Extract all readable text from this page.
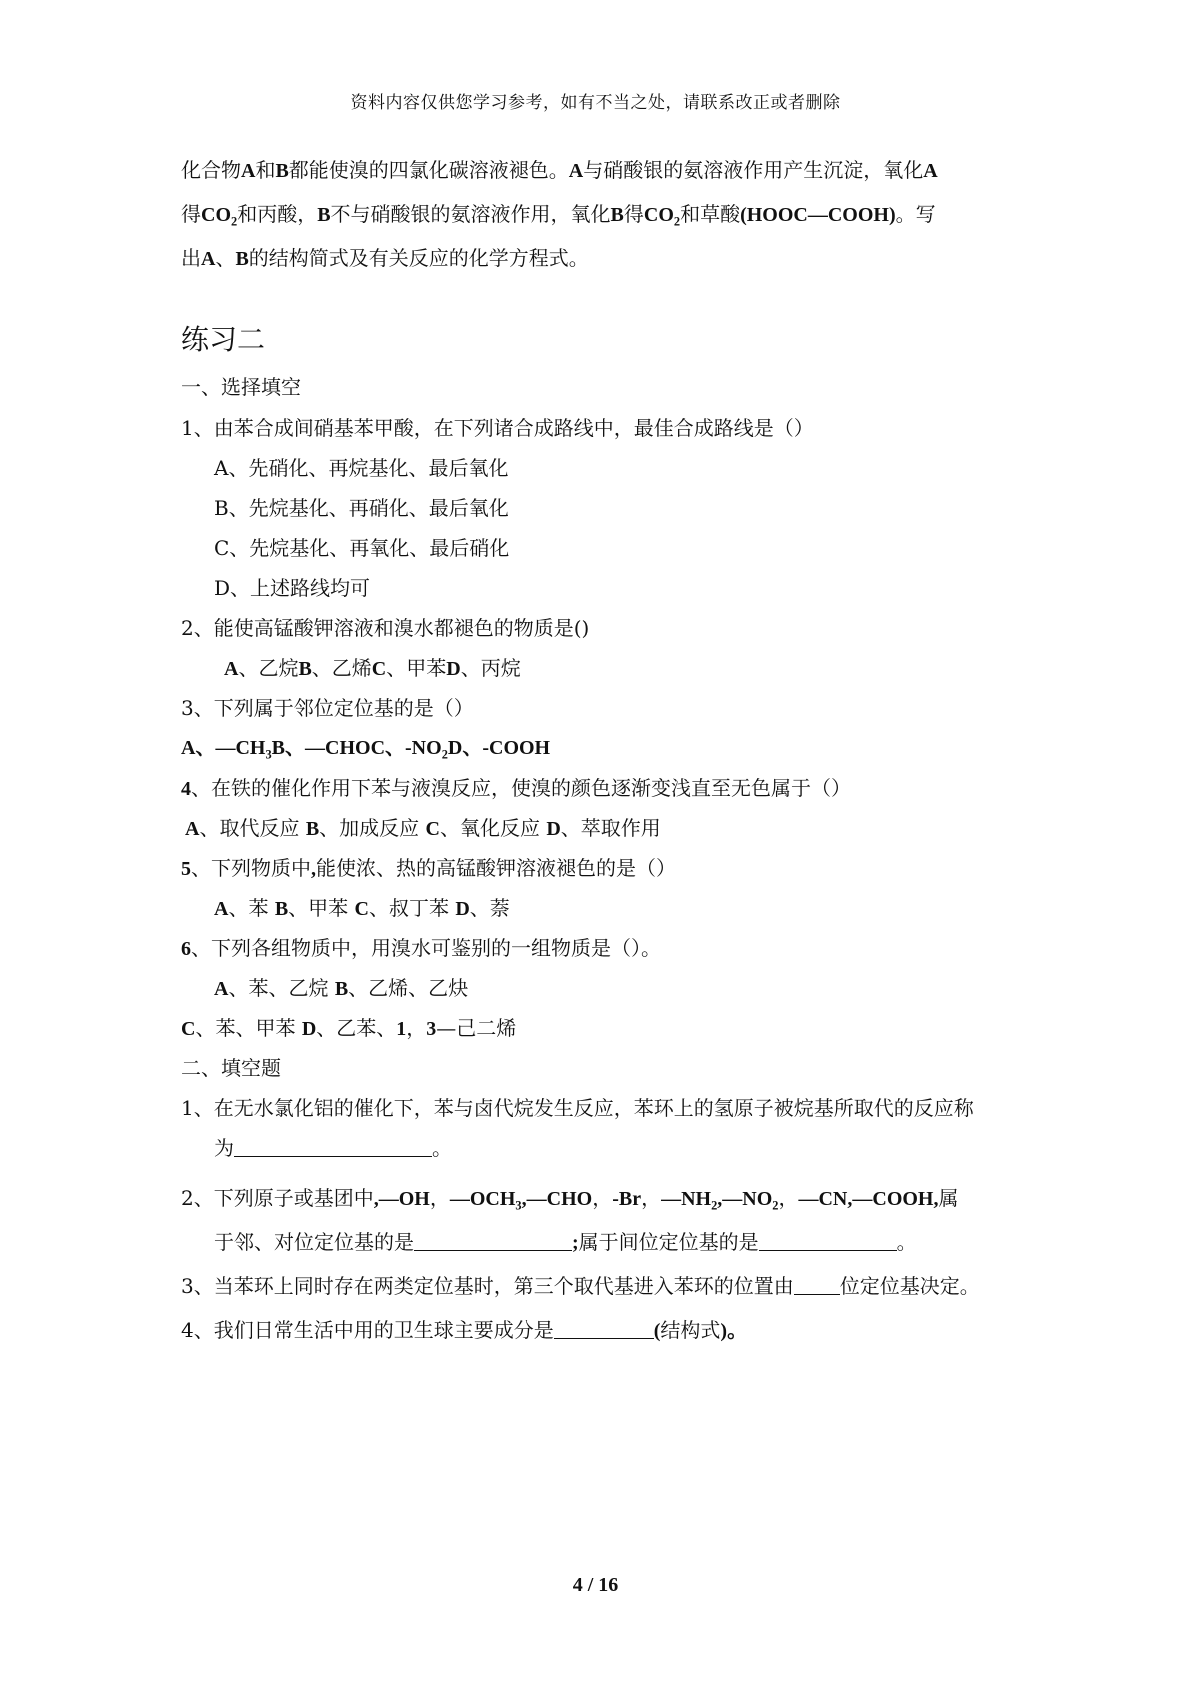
资料内容仅供您学习参考，如有不当之处，请联系改正或者删除
化合物A和B都能使溴的四氯化碳溶液褪色。A与硝酸银的氨溶液作用产生沉淀，氧化A
得$CO_2$和丙酸，B不与硝酸银的氨溶液作用，氧化B得$CO_2$和草酸(HOOC—COOH)。写
出A、B的结构简式及有关反应的化学方程式。
练习二
一、选择填空
1、由苯合成间硝基苯甲酸，在下列诸合成路线中，最佳合成路线是（）
A、先硝化、再烷基化、最后氧化
B、先烷基化、再硝化、最后氧化
C、先烷基化、再氧化、最后硝化
D、上述路线均可
2、能使高锰酸钾溶液和溴水都褪色的物质是()
A、乙烷B、乙烯C、甲苯D、丙烷
3、下列属于邻位定位基的是（）
A、$—CH_3B$、—CHOC、$-NO_2D$、-COOH
4、在铁的催化作用下苯与液溴反应，使溴的颜色逐渐变浅直至无色属于（）
A、取代反应 B、加成反应 C、氧化反应 D、萃取作用
5、下列物质中,能使浓、热的高锰酸钾溶液褪色的是（）
A、苯 B、甲苯 C、叔丁苯 D、萘
6、下列各组物质中，用溴水可鉴别的一组物质是（）。
A、苯、乙烷 B、乙烯、乙炔
C、苯、甲苯 D、乙苯、1，3—己二烯
二、填空题
1、在无水氯化铝的催化下，苯与卤代烷发生反应，苯环上的氢原子被烷基所取代的反应称
为	。
2、下列原子或基团中,—OH，$—OCH_3,—CHO$，-Br，$—NH_2,—NO_2$，—CN,—COOH,属
于邻、对位定位基的是	;属于间位定位基的是	。
3、当苯环上同时存在两类定位基时，第三个取代基进入苯环的位置由 位定位基决定。
4、我们日常生活中用的卫生球主要成分是	(结构式)。
4 / 16
